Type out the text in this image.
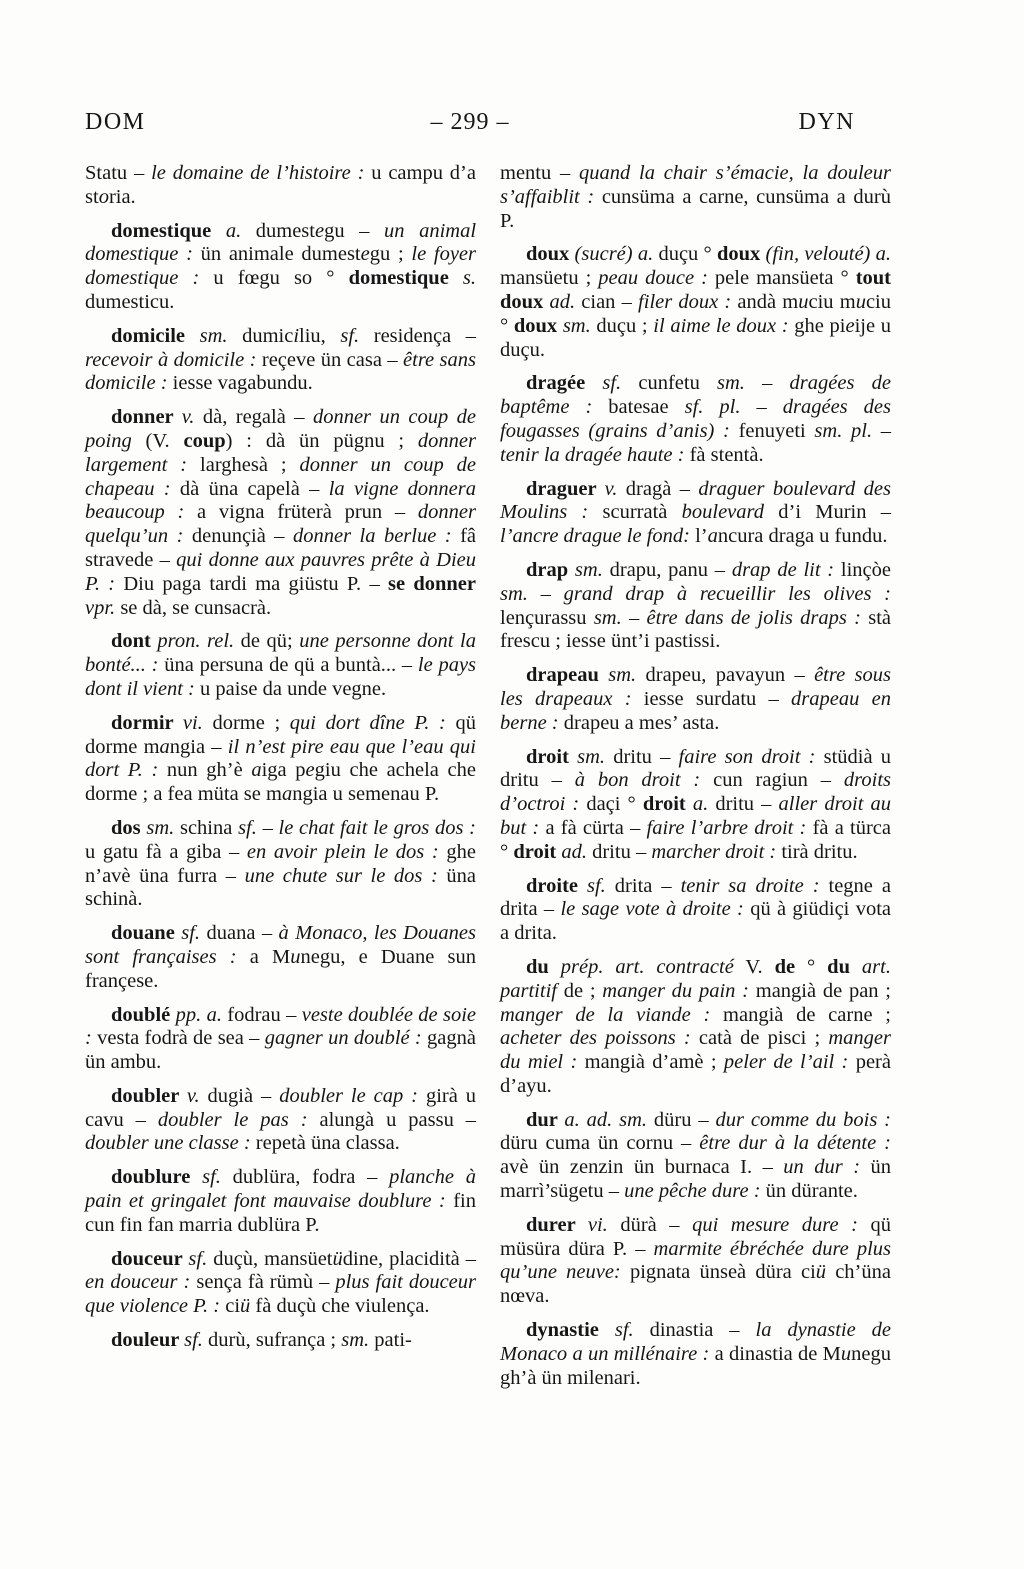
DOM	– 299 –	DYN

Statu – le domaine de l’histoire : u campu d’a storia.

domestique a. dumestegu – un animal domestique : ün animale dumestegu ; le foyer domestique : u fœgu so ° domestique s. dumesticu.

domicile sm. dumiciliu, sf. residença – recevoir à domicile : reçeve ün casa – être sans domicile : iesse vagabundu.

donner v. dà, regalà – donner un coup de poing (V. coup) : dà ün pügnu ; donner largement : larghesà ; donner un coup de chapeau : dà üna capelà – la vigne donnera beaucoup : a vigna früterà prun – donner quelqu’un : denunçià – donner la berlue : fâ stravede – qui donne aux pauvres prête à Dieu P. : Diu paga tardi ma giüstu P. – se donner vpr. se dà, se cunsacrà.

dont pron. rel. de qü; une personne dont la bonté... : üna persuna de qü a buntà... – le pays dont il vient : u paise da unde vegne.

dormir vi. dorme ; qui dort dîne P. : qü dorme mangia – il n’est pire eau que l’eau qui dort P. : nun gh’è aiga pegiu che achela che dorme ; a fea müta se mangia u semenau P.

dos sm. schina sf. – le chat fait le gros dos : u gatu fà a giba – en avoir plein le dos : ghe n’avè üna furra – une chute sur le dos : üna schinà.

douane sf. duana – à Monaco, les Douanes sont françaises : a Munegu, e Duane sun françese.

doublé pp. a. fodrau – veste doublée de soie : vesta fodrà de sea – gagner un doublé : gagnà ün ambu.

doubler v. dugià – doubler le cap : girà u cavu – doubler le pas : alungà u passu – doubler une classe : repetà üna classa.

doublure sf. dublüra, fodra – planche à pain et gringalet font mauvaise doublure : fin cun fin fan marria dublüra P.

douceur sf. duçù, mansüetüdine, placidità – en douceur : sença fà rümù – plus fait douceur que violence P. : ciü fà duçù che viulença.

douleur sf. durù, sufrança ; sm. pati-

mentu – quand la chair s’émacie, la douleur s’affaiblit : cunsüma a carne, cunsüma a durù P.

doux (sucré) a. duçu ° doux (fin, velouté) a. mansüetu ; peau douce : pele mansüeta ° tout doux ad. cian – filer doux : andà muciu muciu ° doux sm. duçu ; il aime le doux : ghe pieije u duçu.

dragée sf. cunfetu sm. – dragées de baptême : batesae sf. pl. – dragées des fougasses (grains d’anis) : fenuyeti sm. pl. – tenir la dragée haute : fà stentà.

draguer v. dragà – draguer boulevard des Moulins : scurratà boulevard d’i Murin – l’ancre drague le fond: l’ancura draga u fundu.

drap sm. drapu, panu – drap de lit : linçòe sm. – grand drap à recueillir les olives : lençurassu sm. – être dans de jolis draps : stà frescu ; iesse ünt’i pastissi.

drapeau sm. drapeu, pavayun – être sous les drapeaux : iesse surdatu – drapeau en berne : drapeu a mes’ asta.

droit sm. dritu – faire son droit : stüdià u dritu – à bon droit : cun ragiun – droits d’octroi : daçi ° droit a. dritu – aller droit au but : a fà cürta – faire l’arbre droit : fà a türca ° droit ad. dritu – marcher droit : tirà dritu.

droite sf. drita – tenir sa droite : tegne a drita – le sage vote à droite : qü à giüdiçi vota a drita.

du prép. art. contracté V. de ° du art. partitif de ; manger du pain : mangià de pan ; manger de la viande : mangià de carne ; acheter des poissons : catà de pisci ; manger du miel : mangià d’amè ; peler de l’ail : perà d’ayu.

dur a. ad. sm. düru – dur comme du bois : düru cuma ün cornu – être dur à la détente : avè ün zenzin ün burnaca I. – un dur : ün marrì’sügetu – une pêche dure : ün dürante.

durer vi. dürà – qui mesure dure : qü müsüra düra P. – marmite ébréchée dure plus qu’une neuve: pignata ünseà düra ciü ch’üna nœva.

dynastie sf. dinastia – la dynastie de Monaco a un millénaire : a dinastia de Munegu gh’à ün milenari.
